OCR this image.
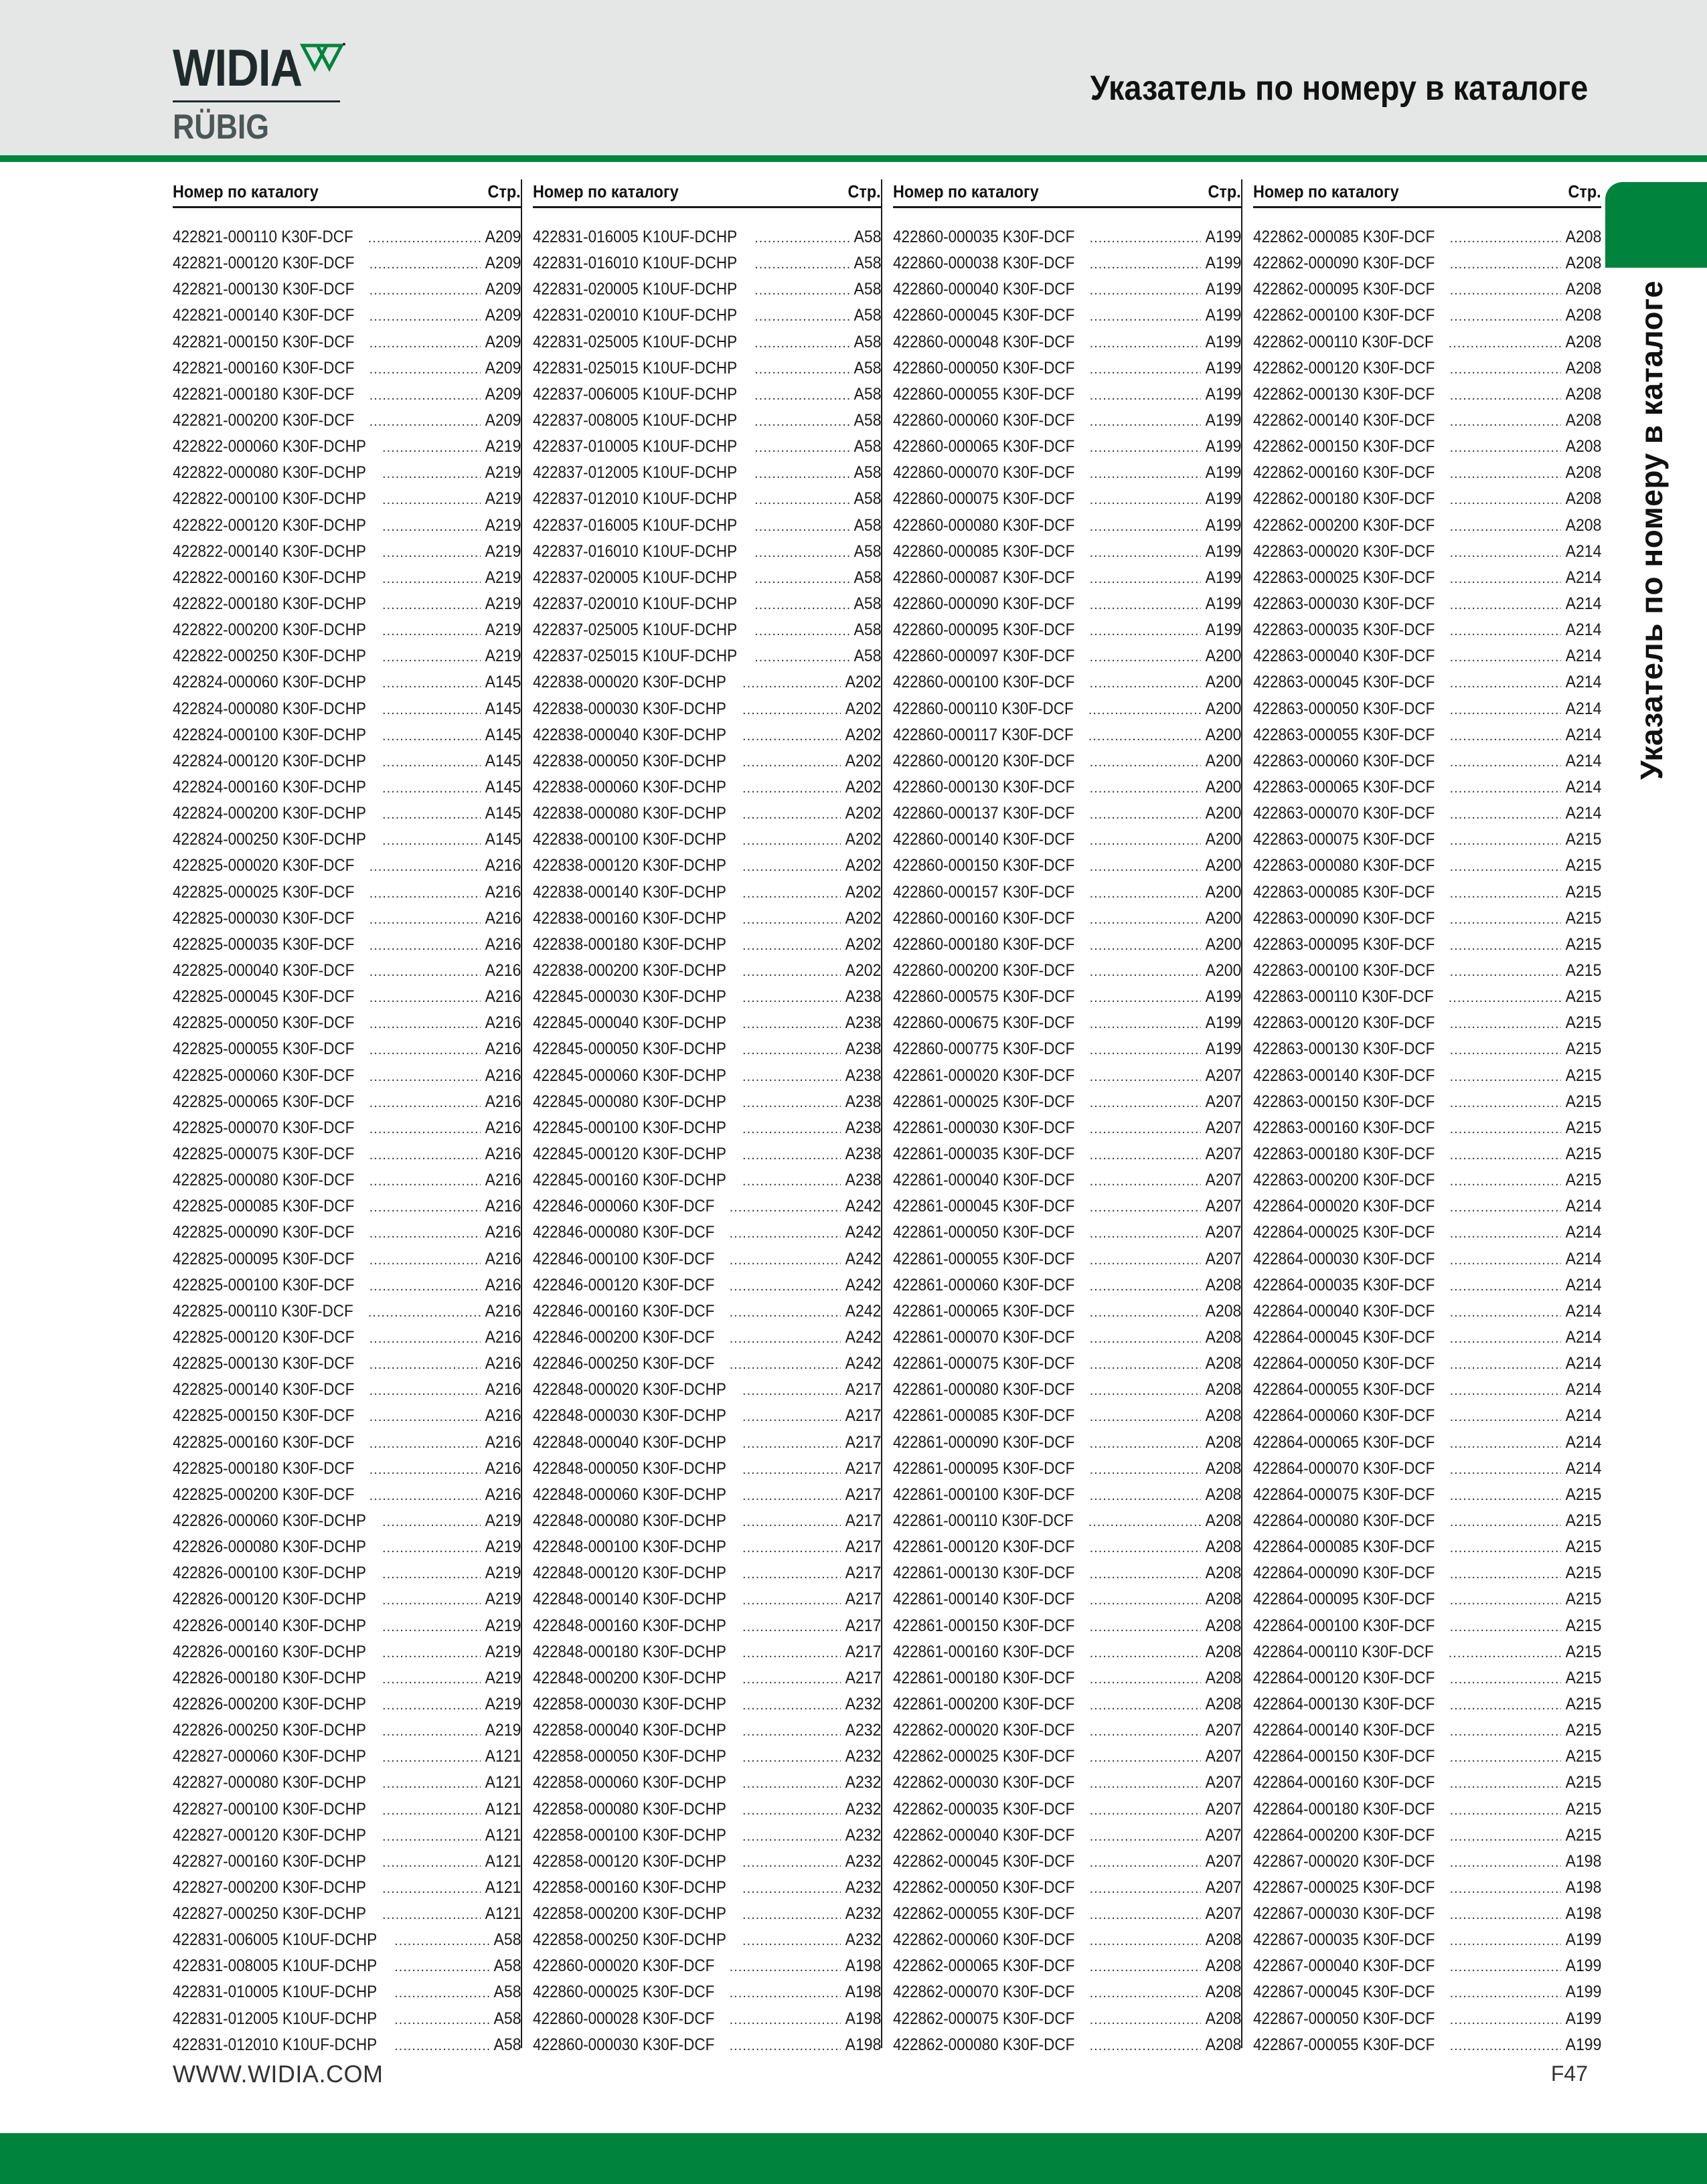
WIDIA
RÜBIG
Указатель по номеру в каталоге
Указатель по номеру в каталоге
Номер по каталогу	Стр.
422821-000110 K30F-DCF .....	A209
422821-000120 K30F-DCF .....	A209
422821-000130 K30F-DCF .....	A209
422821-000140 K30F-DCF .....	A209
422821-000150 K30F-DCF .....	A209
422821-000160 K30F-DCF .....	A209
422821-000180 K30F-DCF .....	A209
422821-000200 K30F-DCF .....	A209
422822-000060 K30F-DCHP .....	A219
422822-000080 K30F-DCHP .....	A219
422822-000100 K30F-DCHP .....	A219
422822-000120 K30F-DCHP .....	A219
422822-000140 K30F-DCHP .....	A219
422822-000160 K30F-DCHP .....	A219
422822-000180 K30F-DCHP .....	A219
422822-000200 K30F-DCHP .....	A219
422822-000250 K30F-DCHP .....	A219
422824-000060 K30F-DCHP .....	A145
422824-000080 K30F-DCHP .....	A145
422824-000100 K30F-DCHP .....	A145
422824-000120 K30F-DCHP .....	A145
422824-000160 K30F-DCHP .....	A145
422824-000200 K30F-DCHP .....	A145
422824-000250 K30F-DCHP .....	A145
422825-000020 K30F-DCF .....	A216
422825-000025 K30F-DCF .....	A216
422825-000030 K30F-DCF .....	A216
422825-000035 K30F-DCF .....	A216
422825-000040 K30F-DCF .....	A216
422825-000045 K30F-DCF .....	A216
422825-000050 K30F-DCF .....	A216
422825-000055 K30F-DCF .....	A216
422825-000060 K30F-DCF .....	A216
422825-000065 K30F-DCF .....	A216
422825-000070 K30F-DCF .....	A216
422825-000075 K30F-DCF .....	A216
422825-000080 K30F-DCF .....	A216
422825-000085 K30F-DCF .....	A216
422825-000090 K30F-DCF .....	A216
422825-000095 K30F-DCF .....	A216
422825-000100 K30F-DCF .....	A216
422825-000110 K30F-DCF .....	A216
422825-000120 K30F-DCF .....	A216
422825-000130 K30F-DCF .....	A216
422825-000140 K30F-DCF .....	A216
422825-000150 K30F-DCF .....	A216
422825-000160 K30F-DCF .....	A216
422825-000180 K30F-DCF .....	A216
422825-000200 K30F-DCF .....	A216
422826-000060 K30F-DCHP .....	A219
422826-000080 K30F-DCHP .....	A219
422826-000100 K30F-DCHP .....	A219
422826-000120 K30F-DCHP .....	A219
422826-000140 K30F-DCHP .....	A219
422826-000160 K30F-DCHP .....	A219
422826-000180 K30F-DCHP .....	A219
422826-000200 K30F-DCHP .....	A219
422826-000250 K30F-DCHP .....	A219
422827-000060 K30F-DCHP .....	A121
422827-000080 K30F-DCHP .....	A121
422827-000100 K30F-DCHP .....	A121
422827-000120 K30F-DCHP .....	A121
422827-000160 K30F-DCHP .....	A121
422827-000200 K30F-DCHP .....	A121
422827-000250 K30F-DCHP .....	A121
422831-006005 K10UF-DCHP .....	A58
422831-008005 K10UF-DCHP .....	A58
422831-010005 K10UF-DCHP .....	A58
422831-012005 K10UF-DCHP .....	A58
422831-012010 K10UF-DCHP .....	A58
Номер по каталогу	Стр.
422831-016005 K10UF-DCHP .....	A58
422831-016010 K10UF-DCHP .....	A58
422831-020005 K10UF-DCHP .....	A58
422831-020010 K10UF-DCHP .....	A58
422831-025005 K10UF-DCHP .....	A58
422831-025015 K10UF-DCHP .....	A58
422837-006005 K10UF-DCHP .....	A58
422837-008005 K10UF-DCHP .....	A58
422837-010005 K10UF-DCHP .....	A58
422837-012005 K10UF-DCHP .....	A58
422837-012010 K10UF-DCHP .....	A58
422837-016005 K10UF-DCHP .....	A58
422837-016010 K10UF-DCHP .....	A58
422837-020005 K10UF-DCHP .....	A58
422837-020010 K10UF-DCHP .....	A58
422837-025005 K10UF-DCHP .....	A58
422837-025015 K10UF-DCHP .....	A58
422838-000020 K30F-DCHP .....	A202
422838-000030 K30F-DCHP .....	A202
422838-000040 K30F-DCHP .....	A202
422838-000050 K30F-DCHP .....	A202
422838-000060 K30F-DCHP .....	A202
422838-000080 K30F-DCHP .....	A202
422838-000100 K30F-DCHP .....	A202
422838-000120 K30F-DCHP .....	A202
422838-000140 K30F-DCHP .....	A202
422838-000160 K30F-DCHP .....	A202
422838-000180 K30F-DCHP .....	A202
422838-000200 K30F-DCHP .....	A202
422845-000030 K30F-DCHP .....	A238
422845-000040 K30F-DCHP .....	A238
422845-000050 K30F-DCHP .....	A238
422845-000060 K30F-DCHP .....	A238
422845-000080 K30F-DCHP .....	A238
422845-000100 K30F-DCHP .....	A238
422845-000120 K30F-DCHP .....	A238
422845-000160 K30F-DCHP .....	A238
422846-000060 K30F-DCF .....	A242
422846-000080 K30F-DCF .....	A242
422846-000100 K30F-DCF .....	A242
422846-000120 K30F-DCF .....	A242
422846-000160 K30F-DCF .....	A242
422846-000200 K30F-DCF .....	A242
422846-000250 K30F-DCF .....	A242
422848-000020 K30F-DCHP .....	A217
422848-000030 K30F-DCHP .....	A217
422848-000040 K30F-DCHP .....	A217
422848-000050 K30F-DCHP .....	A217
422848-000060 K30F-DCHP .....	A217
422848-000080 K30F-DCHP .....	A217
422848-000100 K30F-DCHP .....	A217
422848-000120 K30F-DCHP .....	A217
422848-000140 K30F-DCHP .....	A217
422848-000160 K30F-DCHP .....	A217
422848-000180 K30F-DCHP .....	A217
422848-000200 K30F-DCHP .....	A217
422858-000030 K30F-DCHP .....	A232
422858-000040 K30F-DCHP .....	A232
422858-000050 K30F-DCHP .....	A232
422858-000060 K30F-DCHP .....	A232
422858-000080 K30F-DCHP .....	A232
422858-000100 K30F-DCHP .....	A232
422858-000120 K30F-DCHP .....	A232
422858-000160 K30F-DCHP .....	A232
422858-000200 K30F-DCHP .....	A232
422858-000250 K30F-DCHP .....	A232
422860-000020 K30F-DCF .....	A198
422860-000025 K30F-DCF .....	A198
422860-000028 K30F-DCF .....	A198
422860-000030 K30F-DCF .....	A198
Номер по каталогу	Стр.
422860-000035 K30F-DCF .....	A199
422860-000038 K30F-DCF .....	A199
422860-000040 K30F-DCF .....	A199
422860-000045 K30F-DCF .....	A199
422860-000048 K30F-DCF .....	A199
422860-000050 K30F-DCF .....	A199
422860-000055 K30F-DCF .....	A199
422860-000060 K30F-DCF .....	A199
422860-000065 K30F-DCF .....	A199
422860-000070 K30F-DCF .....	A199
422860-000075 K30F-DCF .....	A199
422860-000080 K30F-DCF .....	A199
422860-000085 K30F-DCF .....	A199
422860-000087 K30F-DCF .....	A199
422860-000090 K30F-DCF .....	A199
422860-000095 K30F-DCF .....	A199
422860-000097 K30F-DCF .....	A200
422860-000100 K30F-DCF .....	A200
422860-000110 K30F-DCF .....	A200
422860-000117 K30F-DCF .....	A200
422860-000120 K30F-DCF .....	A200
422860-000130 K30F-DCF .....	A200
422860-000137 K30F-DCF .....	A200
422860-000140 K30F-DCF .....	A200
422860-000150 K30F-DCF .....	A200
422860-000157 K30F-DCF .....	A200
422860-000160 K30F-DCF .....	A200
422860-000180 K30F-DCF .....	A200
422860-000200 K30F-DCF .....	A200
422860-000575 K30F-DCF .....	A199
422860-000675 K30F-DCF .....	A199
422860-000775 K30F-DCF .....	A199
422861-000020 K30F-DCF .....	A207
422861-000025 K30F-DCF .....	A207
422861-000030 K30F-DCF .....	A207
422861-000035 K30F-DCF .....	A207
422861-000040 K30F-DCF .....	A207
422861-000045 K30F-DCF .....	A207
422861-000050 K30F-DCF .....	A207
422861-000055 K30F-DCF .....	A207
422861-000060 K30F-DCF .....	A208
422861-000065 K30F-DCF .....	A208
422861-000070 K30F-DCF .....	A208
422861-000075 K30F-DCF .....	A208
422861-000080 K30F-DCF .....	A208
422861-000085 K30F-DCF .....	A208
422861-000090 K30F-DCF .....	A208
422861-000095 K30F-DCF .....	A208
422861-000100 K30F-DCF .....	A208
422861-000110 K30F-DCF .....	A208
422861-000120 K30F-DCF .....	A208
422861-000130 K30F-DCF .....	A208
422861-000140 K30F-DCF .....	A208
422861-000150 K30F-DCF .....	A208
422861-000160 K30F-DCF .....	A208
422861-000180 K30F-DCF .....	A208
422861-000200 K30F-DCF .....	A208
422862-000020 K30F-DCF .....	A207
422862-000025 K30F-DCF .....	A207
422862-000030 K30F-DCF .....	A207
422862-000035 K30F-DCF .....	A207
422862-000040 K30F-DCF .....	A207
422862-000045 K30F-DCF .....	A207
422862-000050 K30F-DCF .....	A207
422862-000055 K30F-DCF .....	A207
422862-000060 K30F-DCF .....	A208
422862-000065 K30F-DCF .....	A208
422862-000070 K30F-DCF .....	A208
422862-000075 K30F-DCF .....	A208
422862-000080 K30F-DCF .....	A208
Номер по каталогу	Стр.
422862-000085 K30F-DCF .....	A208
422862-000090 K30F-DCF .....	A208
422862-000095 K30F-DCF .....	A208
422862-000100 K30F-DCF .....	A208
422862-000110 K30F-DCF .....	A208
422862-000120 K30F-DCF .....	A208
422862-000130 K30F-DCF .....	A208
422862-000140 K30F-DCF .....	A208
422862-000150 K30F-DCF .....	A208
422862-000160 K30F-DCF .....	A208
422862-000180 K30F-DCF .....	A208
422862-000200 K30F-DCF .....	A208
422863-000020 K30F-DCF .....	A214
422863-000025 K30F-DCF .....	A214
422863-000030 K30F-DCF .....	A214
422863-000035 K30F-DCF .....	A214
422863-000040 K30F-DCF .....	A214
422863-000045 K30F-DCF .....	A214
422863-000050 K30F-DCF .....	A214
422863-000055 K30F-DCF .....	A214
422863-000060 K30F-DCF .....	A214
422863-000065 K30F-DCF .....	A214
422863-000070 K30F-DCF .....	A214
422863-000075 K30F-DCF .....	A215
422863-000080 K30F-DCF .....	A215
422863-000085 K30F-DCF .....	A215
422863-000090 K30F-DCF .....	A215
422863-000095 K30F-DCF .....	A215
422863-000100 K30F-DCF .....	A215
422863-000110 K30F-DCF .....	A215
422863-000120 K30F-DCF .....	A215
422863-000130 K30F-DCF .....	A215
422863-000140 K30F-DCF .....	A215
422863-000150 K30F-DCF .....	A215
422863-000160 K30F-DCF .....	A215
422863-000180 K30F-DCF .....	A215
422863-000200 K30F-DCF .....	A215
422864-000020 K30F-DCF .....	A214
422864-000025 K30F-DCF .....	A214
422864-000030 K30F-DCF .....	A214
422864-000035 K30F-DCF .....	A214
422864-000040 K30F-DCF .....	A214
422864-000045 K30F-DCF .....	A214
422864-000050 K30F-DCF .....	A214
422864-000055 K30F-DCF .....	A214
422864-000060 K30F-DCF .....	A214
422864-000065 K30F-DCF .....	A214
422864-000070 K30F-DCF .....	A214
422864-000075 K30F-DCF .....	A215
422864-000080 K30F-DCF .....	A215
422864-000085 K30F-DCF .....	A215
422864-000090 K30F-DCF .....	A215
422864-000095 K30F-DCF .....	A215
422864-000100 K30F-DCF .....	A215
422864-000110 K30F-DCF .....	A215
422864-000120 K30F-DCF .....	A215
422864-000130 K30F-DCF .....	A215
422864-000140 K30F-DCF .....	A215
422864-000150 K30F-DCF .....	A215
422864-000160 K30F-DCF .....	A215
422864-000180 K30F-DCF .....	A215
422864-000200 K30F-DCF .....	A215
422867-000020 K30F-DCF .....	A198
422867-000025 K30F-DCF .....	A198
422867-000030 K30F-DCF .....	A198
422867-000035 K30F-DCF .....	A199
422867-000040 K30F-DCF .....	A199
422867-000045 K30F-DCF .....	A199
422867-000050 K30F-DCF .....	A199
422867-000055 K30F-DCF .....	A199
WWW.WIDIA.COM	F47
